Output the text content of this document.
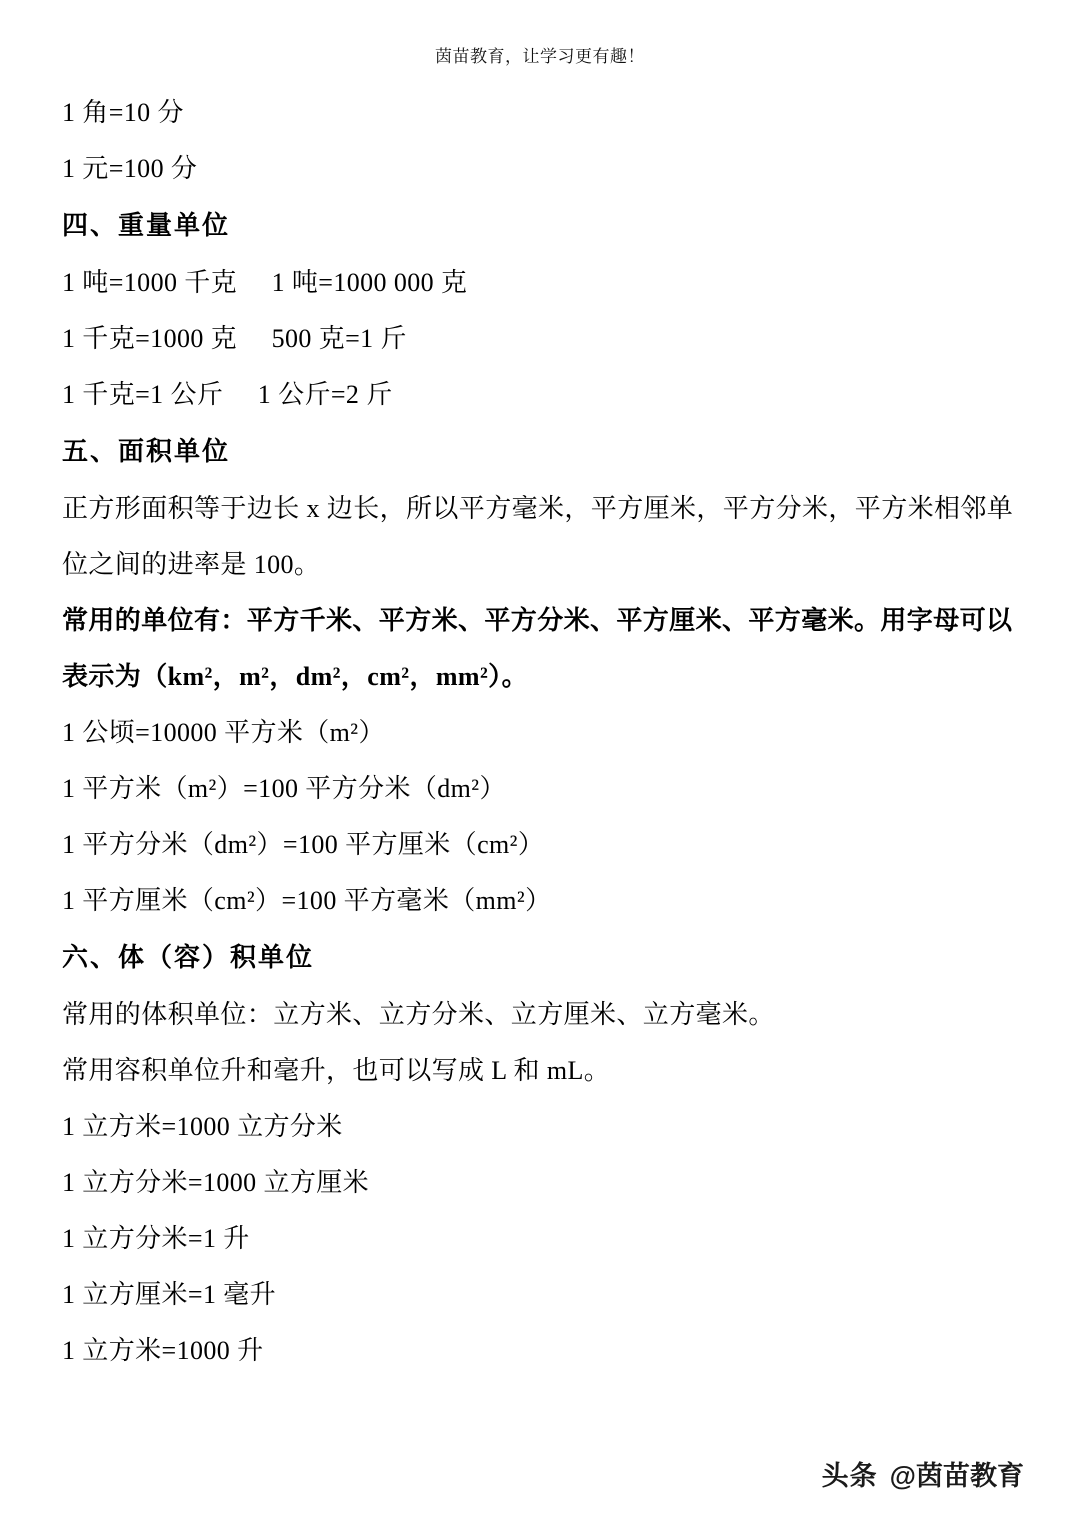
茵苗教育，让学习更有趣！
1 角=10 分
1 元=100 分
四、重量单位
1 吨=1000 千克     1 吨=1000 000 克
1 千克=1000 克     500 克=1 斤
1 千克=1 公斤     1 公斤=2 斤
五、面积单位
正方形面积等于边长 x 边长，所以平方毫米，平方厘米，平方分米，平方米相邻单位之间的进率是 100。
常用的单位有：平方千米、平方米、平方分米、平方厘米、平方毫米。用字母可以表示为（km²，m²，dm²，cm²，mm²）。
1 公顷=10000 平方米（m²）
1 平方米（m²）=100 平方分米（dm²）
1 平方分米（dm²）=100 平方厘米（cm²）
1 平方厘米（cm²）=100 平方毫米（mm²）
六、体（容）积单位
常用的体积单位：立方米、立方分米、立方厘米、立方毫米。
常用容积单位升和毫升，也可以写成 L 和 mL。
1 立方米=1000 立方分米
1 立方分米=1000 立方厘米
1 立方分米=1 升
1 立方厘米=1 毫升
1 立方米=1000 升
头条 @茵苗教育
